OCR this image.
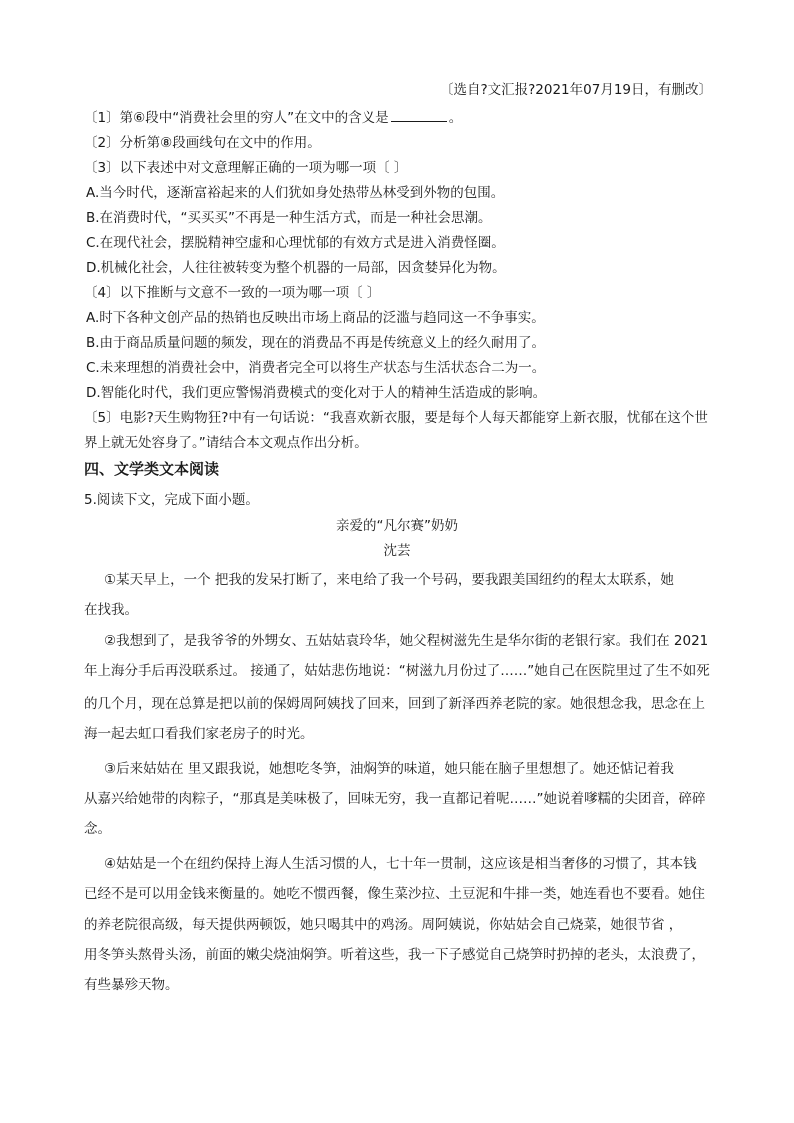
〔选自?文汇报?2021年07月19日，有删改〕
〔1〕第⑥段中“消费社会里的穷人”在文中的含义是	。
〔2〕分析第⑧段画线句在文中的作用。
〔3〕以下表述中对文意理解正确的一项为哪一项〔 〕
A.当今时代，逐渐富裕起来的人们犹如身处热带丛林受到外物的包围。
B.在消费时代，“买买买”不再是一种生活方式，而是一种社会思潮。
C.在现代社会，摆脱精神空虚和心理忧郁的有效方式是进入消费怪圈。
D.机械化社会，人往往被转变为整个机器的一局部，因贪婪异化为物。
〔4〕以下推断与文意不一致的一项为哪一项〔 〕
A.时下各种文创产品的热销也反映出市场上商品的泛滥与趋同这一不争事实。
B.由于商品质量问题的频发，现在的消费品不再是传统意义上的经久耐用了。
C.未来理想的消费社会中，消费者完全可以将生产状态与生活状态合二为一。
D.智能化时代，我们更应警惕消费模式的变化对于人的精神生活造成的影响。
〔5〕电影?天生购物狂?中有一句话说：“我喜欢新衣服，要是每个人每天都能穿上新衣服，忧郁在这个世
界上就无处容身了。”请结合本文观点作出分析。
四、文学类文本阅读
5.阅读下文，完成下面小题。
亲爱的“凡尔赛”奶奶
沈芸
①某天早上，一个 把我的发呆打断了，来电给了我一个号码，要我跟美国纽约的程太太联系，她
在找我。
②我想到了，是我爷爷的外甥女、五姑姑袁玲华，她父程树滋先生是华尔街的老银行家。我们在 2021
年上海分手后再没联系过。 接通了，姑姑悲伤地说：“树滋九月份过了……”她自己在医院里过了生不如死
的几个月，现在总算是把以前的保姆周阿姨找了回来，回到了新泽西养老院的家。她很想念我，思念在上
海一起去虹口看我们家老房子的时光。
③后来姑姑在 里又跟我说，她想吃冬笋，油焖笋的味道，她只能在脑子里想想了。她还惦记着我
从嘉兴给她带的肉粽子，“那真是美味极了，回味无穷，我一直都记着呢……”她说着嗲糯的尖团音，碎碎
念。
④姑姑是一个在纽约保持上海人生活习惯的人，七十年一贯制，这应该是相当奢侈的习惯了，其本钱
已经不是可以用金钱来衡量的。她吃不惯西餐，像生菜沙拉、土豆泥和牛排一类，她连看也不要看。她住
的养老院很高级，每天提供两顿饭，她只喝其中的鸡汤。周阿姨说，你姑姑会自己烧菜，她很节省 ，
用冬笋头熬骨头汤，前面的嫩尖烧油焖笋。听着这些，我一下子感觉自己烧笋时扔掉的老头，太浪费了，
有些暴殄天物。
